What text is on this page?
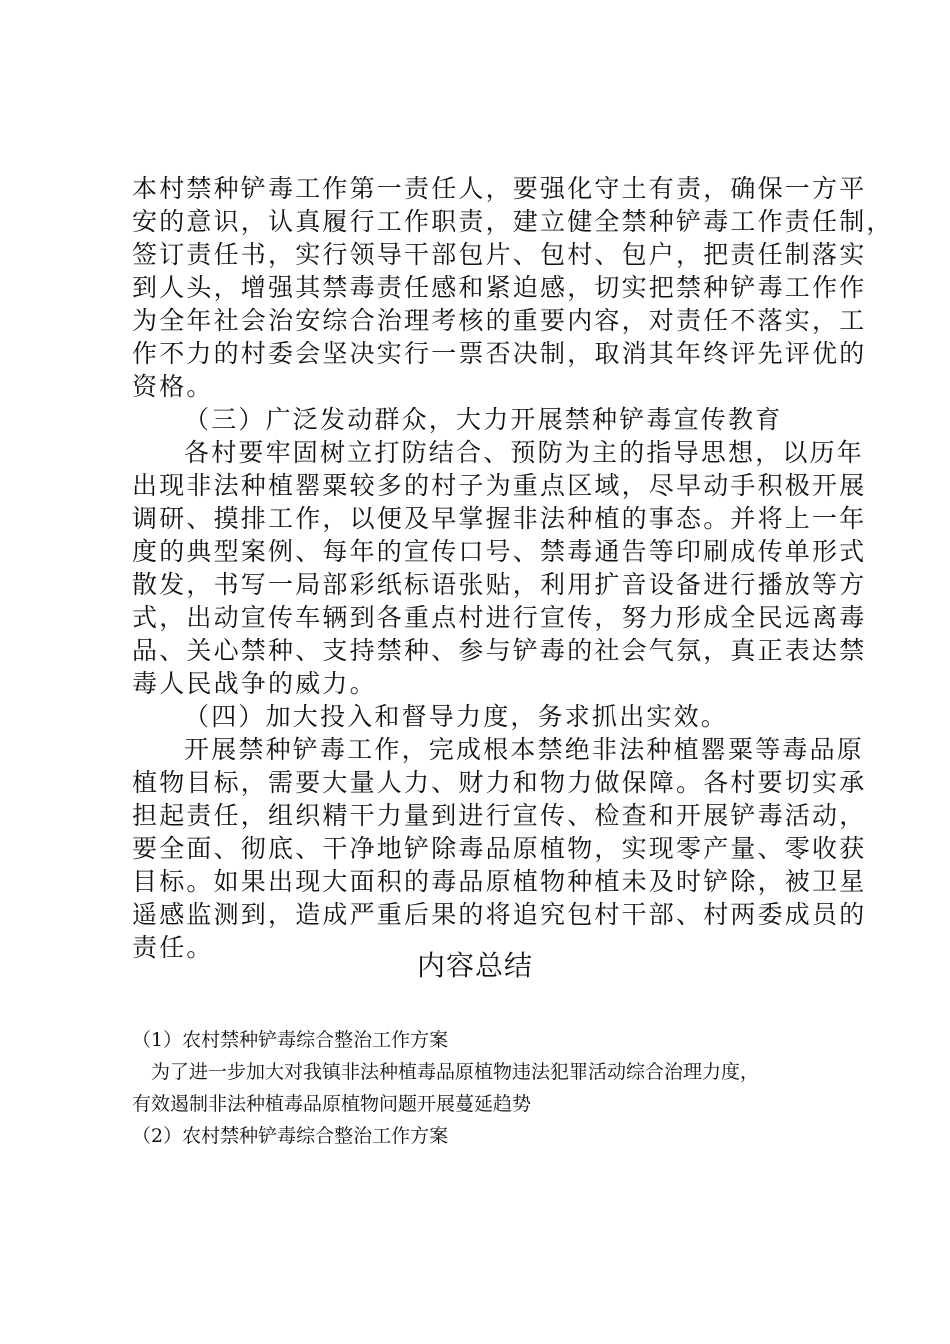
本村禁种铲毒工作第一责任人，要强化守土有责，确保一方平
安的意识，认真履行工作职责，建立健全禁种铲毒工作责任制，
签订责任书，实行领导干部包片、包村、包户，把责任制落实
到人头，增强其禁毒责任感和紧迫感，切实把禁种铲毒工作作
为全年社会治安综合治理考核的重要内容，对责任不落实，工
作不力的村委会坚决实行一票否决制，取消其年终评先评优的
资格。
（三）广泛发动群众，大力开展禁种铲毒宣传教育
各村要牢固树立打防结合、预防为主的指导思想，以历年
出现非法种植罂粟较多的村子为重点区域，尽早动手积极开展
调研、摸排工作，以便及早掌握非法种植的事态。并将上一年
度的典型案例、每年的宣传口号、禁毒通告等印刷成传单形式
散发，书写一局部彩纸标语张贴，利用扩音设备进行播放等方
式，出动宣传车辆到各重点村进行宣传，努力形成全民远离毒
品、关心禁种、支持禁种、参与铲毒的社会气氛，真正表达禁
毒人民战争的威力。
（四）加大投入和督导力度，务求抓出实效。
开展禁种铲毒工作，完成根本禁绝非法种植罂粟等毒品原
植物目标，需要大量人力、财力和物力做保障。各村要切实承
担起责任，组织精干力量到进行宣传、检查和开展铲毒活动，
要全面、彻底、干净地铲除毒品原植物，实现零产量、零收获
目标。如果出现大面积的毒品原植物种植未及时铲除，被卫星
遥感监测到，造成严重后果的将追究包村干部、村两委成员的
责任。
内容总结
（1）农村禁种铲毒综合整治工作方案
为了进一步加大对我镇非法种植毒品原植物违法犯罪活动综合治理力度，
有效遏制非法种植毒品原植物问题开展蔓延趋势
（2）农村禁种铲毒综合整治工作方案
